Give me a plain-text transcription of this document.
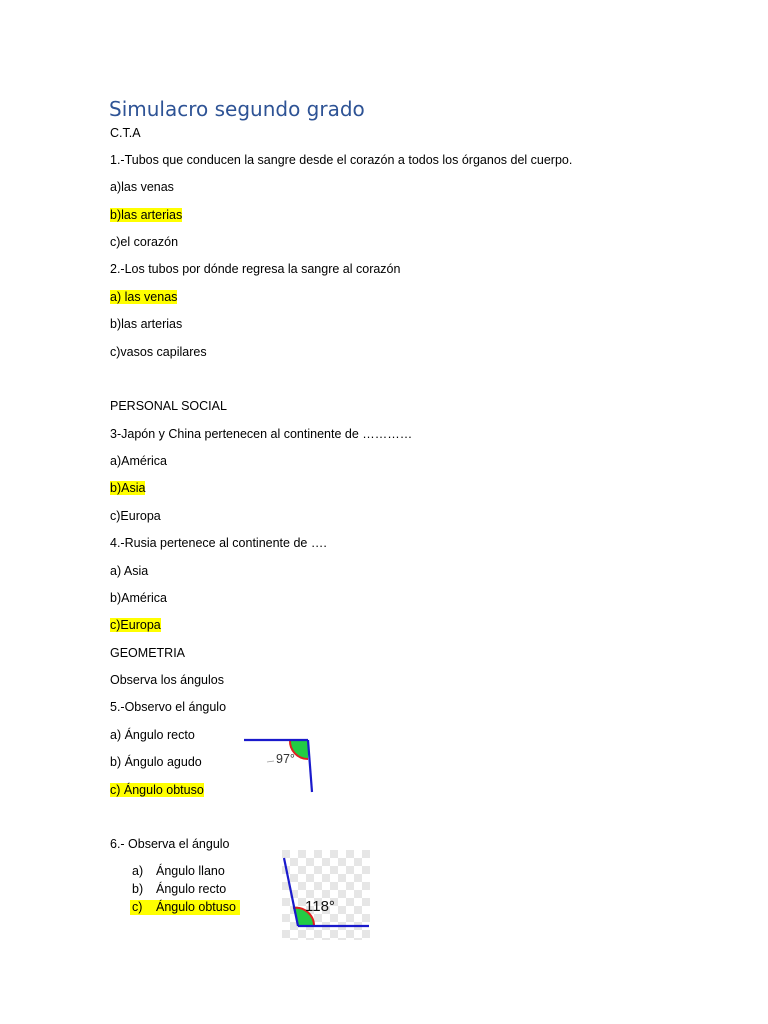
Simulacro segundo grado

C.T.A

1.-Tubos que conducen la sangre desde el corazón a todos los órganos del cuerpo.

a)las venas

b)las arterias

c)el corazón

2.-Los tubos por dónde regresa la sangre al corazón

a) las venas

b)las arterias

c)vasos capilares

PERSONAL SOCIAL

3-Japón y China pertenecen al continente de …………

a)América

b)Asia

c)Europa

4.-Rusia pertenece al continente de ….

a) Asia

b)América

c)Europa

GEOMETRIA

Observa los ángulos

5.-Observo el ángulo

a) Ángulo recto

b) Ángulo agudo

c) Ángulo obtuso

97°

6.- Observa el ángulo

a) Ángulo llano
b) Ángulo recto
c) Ángulo obtuso	118°
